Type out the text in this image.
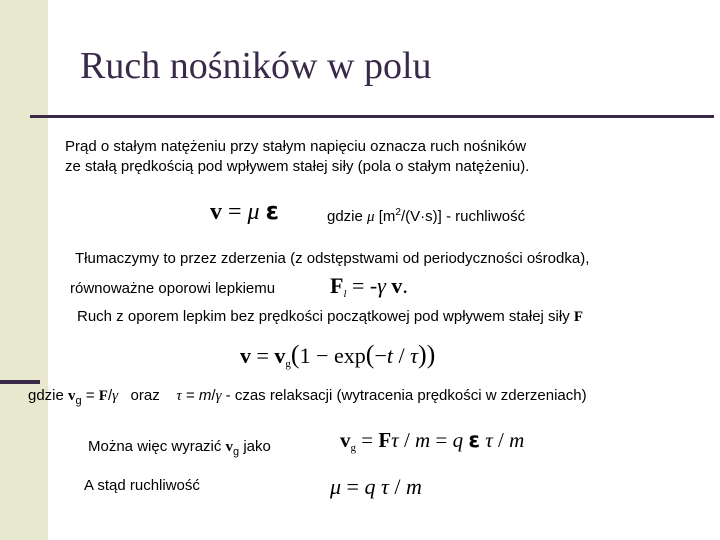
Ruch nośników w polu
Prąd o stałym natężeniu przy stałym napięciu oznacza ruch nośników
ze stałą prędkością pod wpływem stałej siły (pola o stałym natężeniu).
v = μ ε	gdzie μ $[m^2/(V\cdot s)]$ - ruchliwość
Tłumaczymy to przez zderzenia (z odstępstwami od periodyczności ośrodka),
równoważne oporowi lepkiemu $F_l = -\gamma$ v.
Ruch z oporem lepkim bez prędkości początkowej pod wpływem stałej siły F
$v = v_g(1 - \exp(-t / \tau))$
gdzie $v_g = F/\gamma$ oraz τ = m/γ - czas relaksacji (wytracenia prędkości w zderzeniach)
Można więc wyrazić $v_g$ jako	$v_g = F\tau / m = q$ ε τ / m
A stąd ruchliwość	μ = q τ / m
